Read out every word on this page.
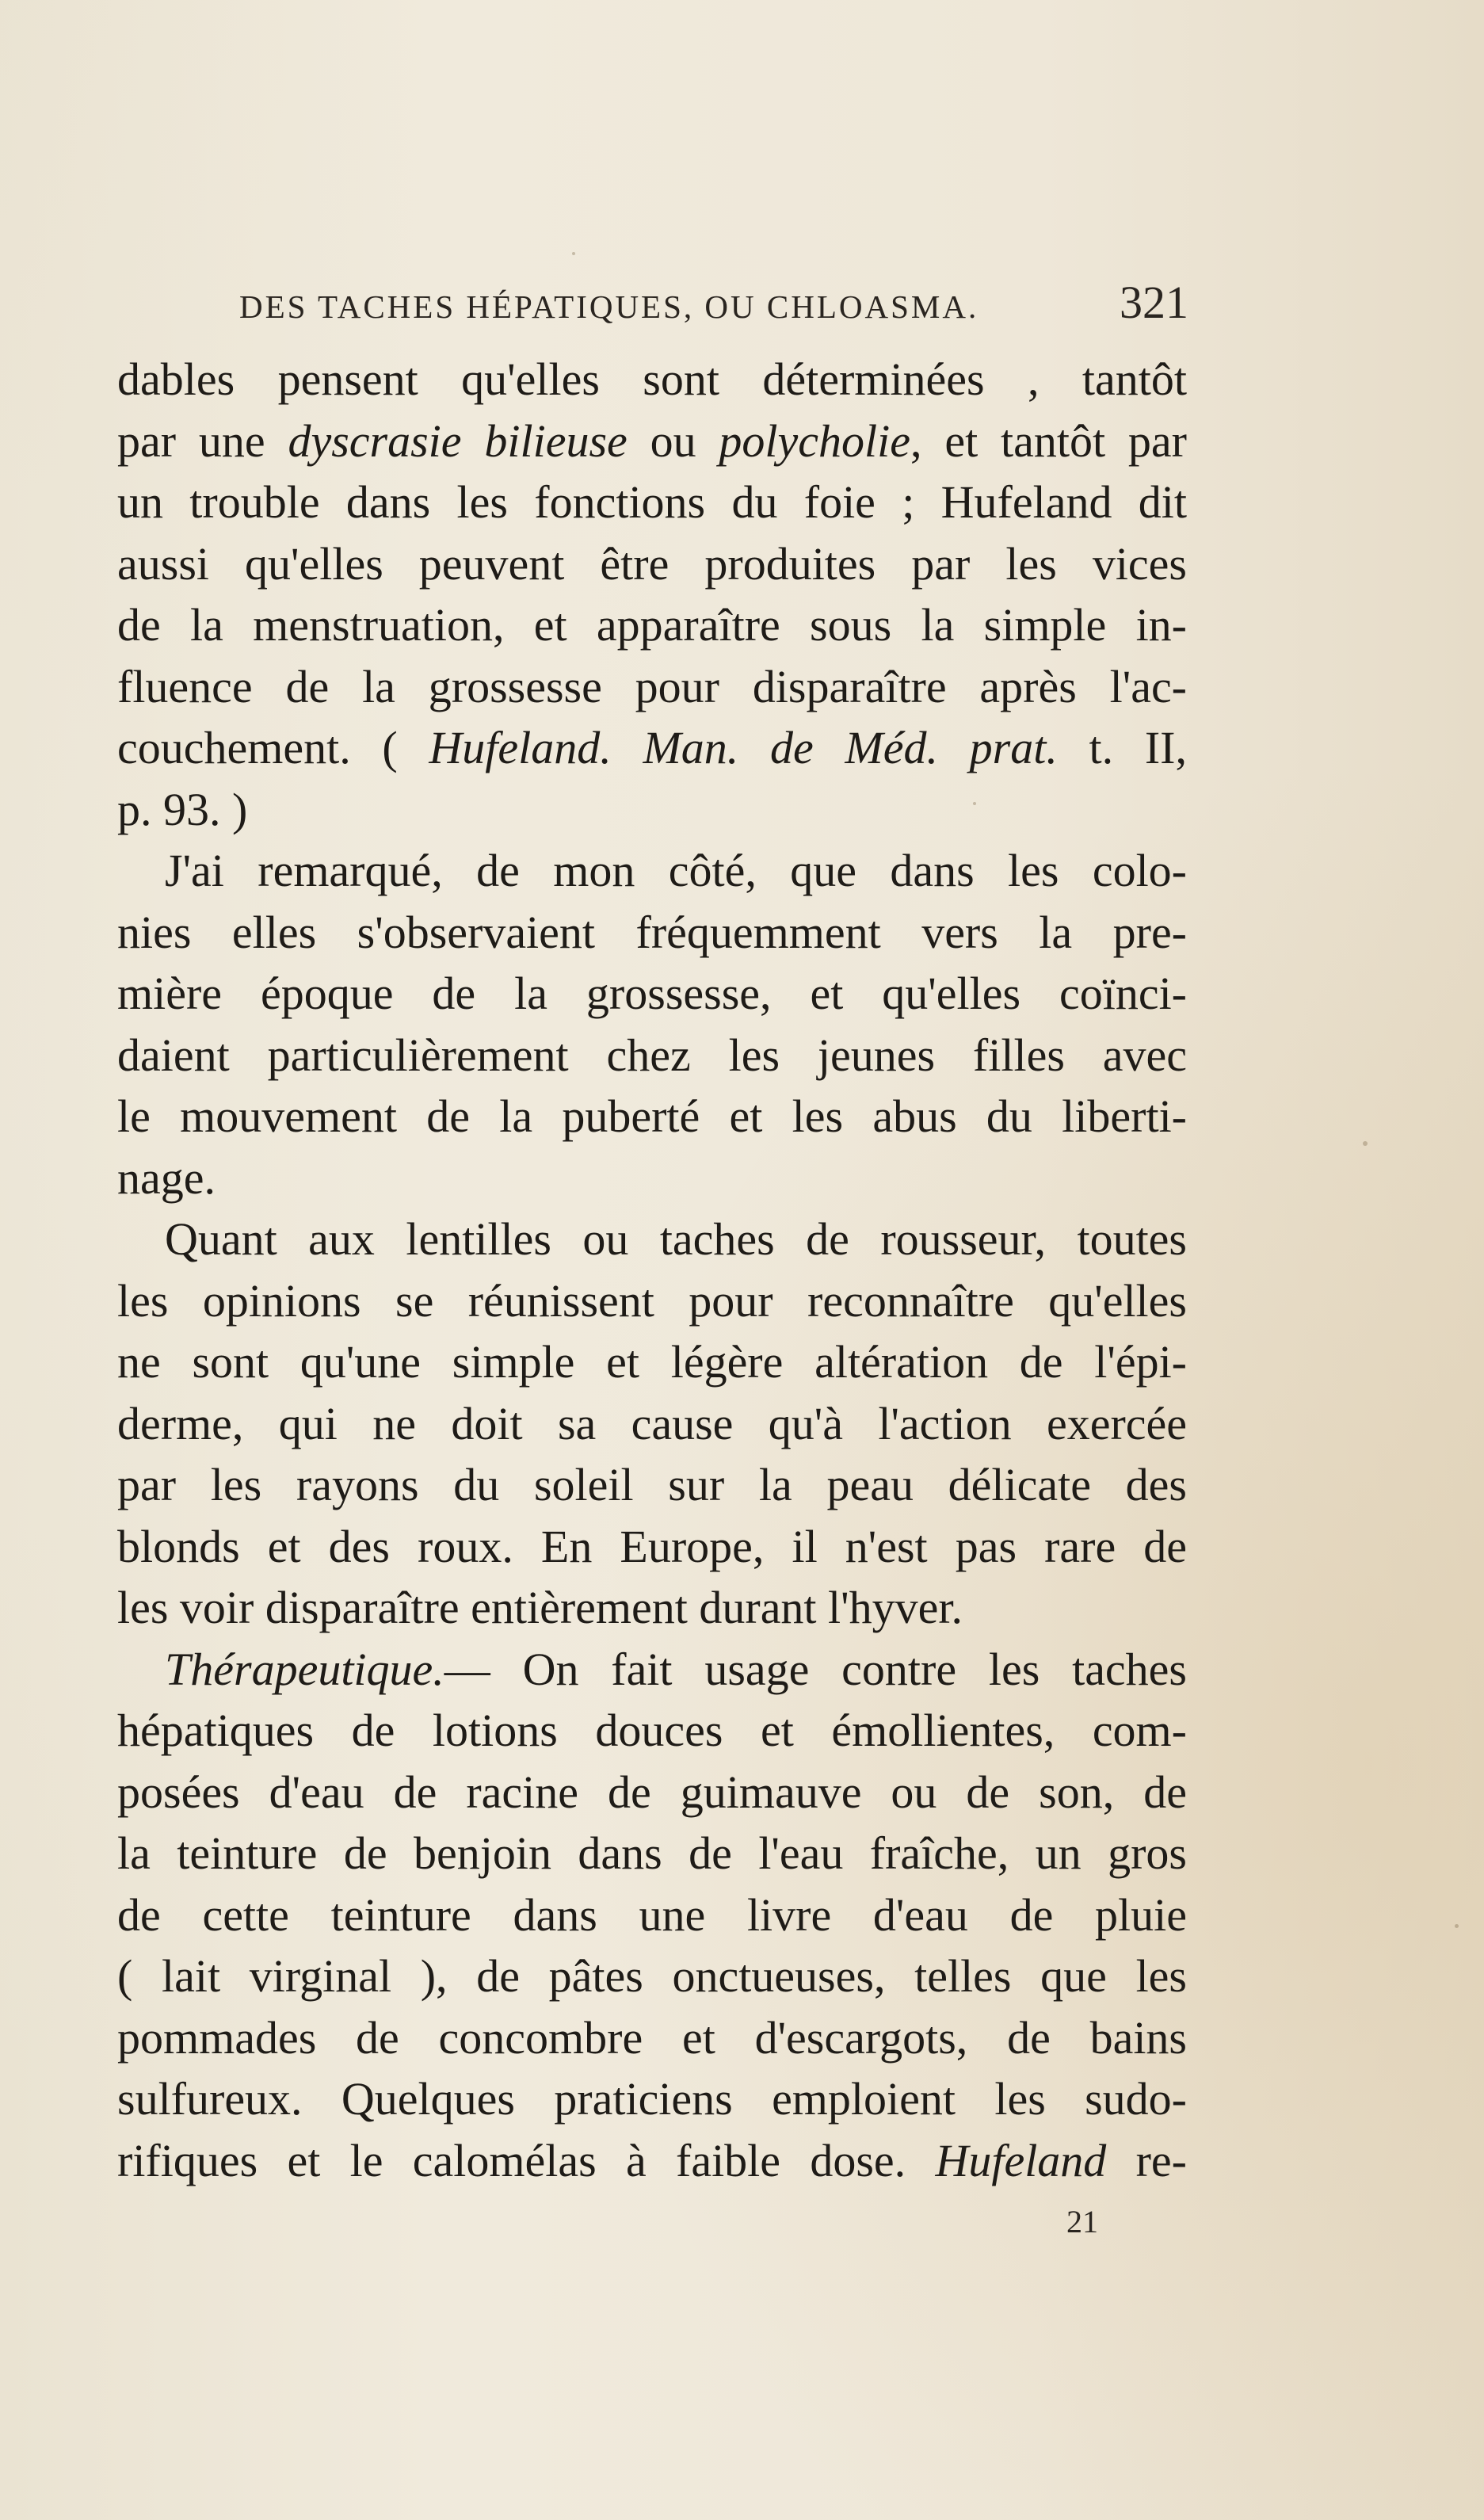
DES TACHES HÉPATIQUES, OU CHLOASMA.	321
dables pensent qu'elles sont déterminées , tantôt
par une dyscrasie bilieuse ou polycholie, et tantôt par
un trouble dans les fonctions du foie ; Hufeland dit
aussi qu'elles peuvent être produites par les vices
de la menstruation, et apparaître sous la simple in-
fluence de la grossesse pour disparaître après l'ac-
couchement. ( Hufeland. Man. de Méd. prat. t. II,
p. 93. )
J'ai remarqué, de mon côté, que dans les colo-
nies elles s'observaient fréquemment vers la pre-
mière époque de la grossesse, et qu'elles coïnci-
daient particulièrement chez les jeunes filles avec
le mouvement de la puberté et les abus du liberti-
nage.
Quant aux lentilles ou taches de rousseur, toutes
les opinions se réunissent pour reconnaître qu'elles
ne sont qu'une simple et légère altération de l'épi-
derme, qui ne doit sa cause qu'à l'action exercée
par les rayons du soleil sur la peau délicate des
blonds et des roux. En Europe, il n'est pas rare de
les voir disparaître entièrement durant l'hyver.
Thérapeutique.— On fait usage contre les taches
hépatiques de lotions douces et émollientes, com-
posées d'eau de racine de guimauve ou de son, de
la teinture de benjoin dans de l'eau fraîche, un gros
de cette teinture dans une livre d'eau de pluie
( lait virginal ), de pâtes onctueuses, telles que les
pommades de concombre et d'escargots, de bains
sulfureux. Quelques praticiens emploient les sudo-
rifiques et le calomélas à faible dose. Hufeland re-
21
